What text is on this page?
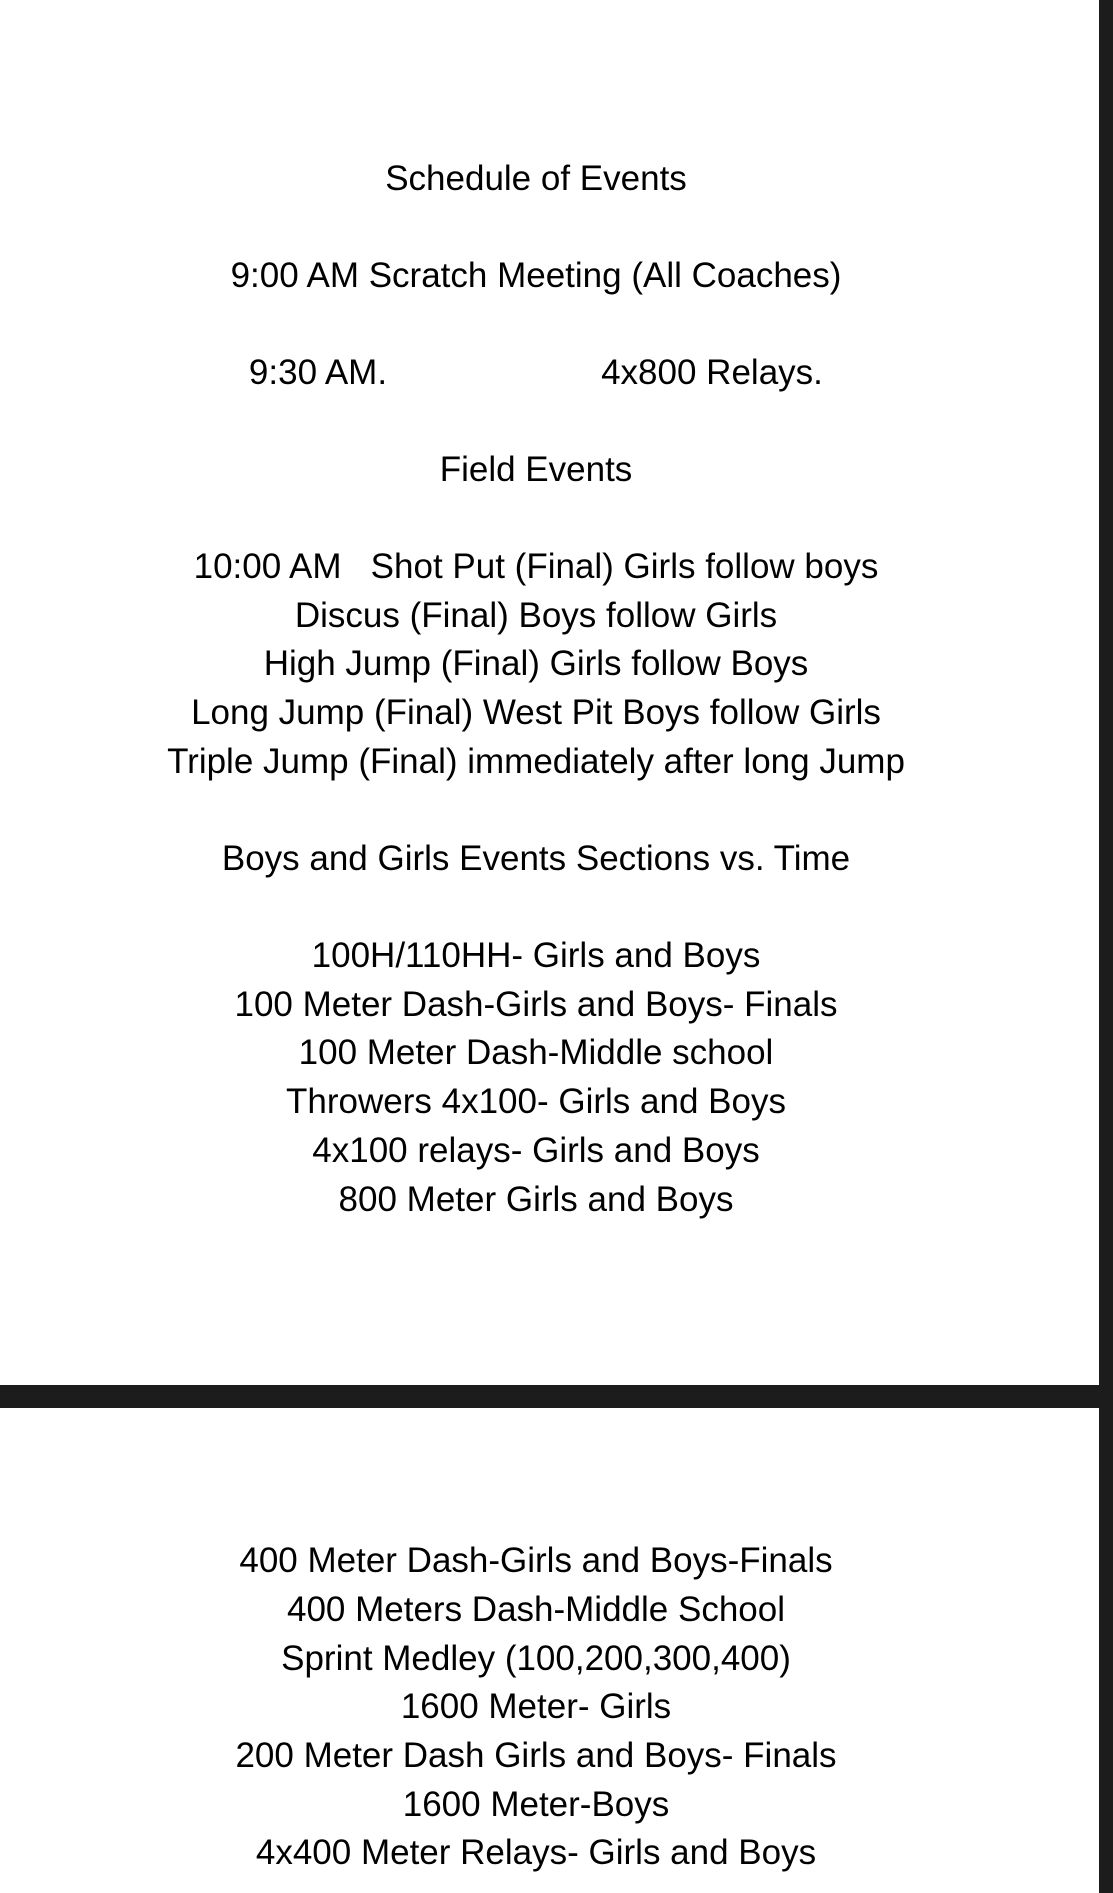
Schedule of Events
9:00 AM Scratch Meeting (All Coaches)
9:30 AM.	4x800 Relays.
Field Events
10:00 AM   Shot Put (Final) Girls follow boys
Discus (Final) Boys follow Girls
High Jump (Final) Girls follow Boys
Long Jump (Final) West Pit Boys follow Girls
Triple Jump (Final) immediately after long Jump
Boys and Girls Events Sections vs. Time
100H/110HH- Girls and Boys
100 Meter Dash-Girls and Boys- Finals
100 Meter Dash-Middle school
Throwers 4x100- Girls and Boys
4x100 relays- Girls and Boys
800 Meter Girls and Boys
400 Meter Dash-Girls and Boys-Finals
400 Meters Dash-Middle School
Sprint Medley (100,200,300,400)
1600 Meter- Girls
200 Meter Dash Girls and Boys- Finals
1600 Meter-Boys
4x400 Meter Relays- Girls and Boys
